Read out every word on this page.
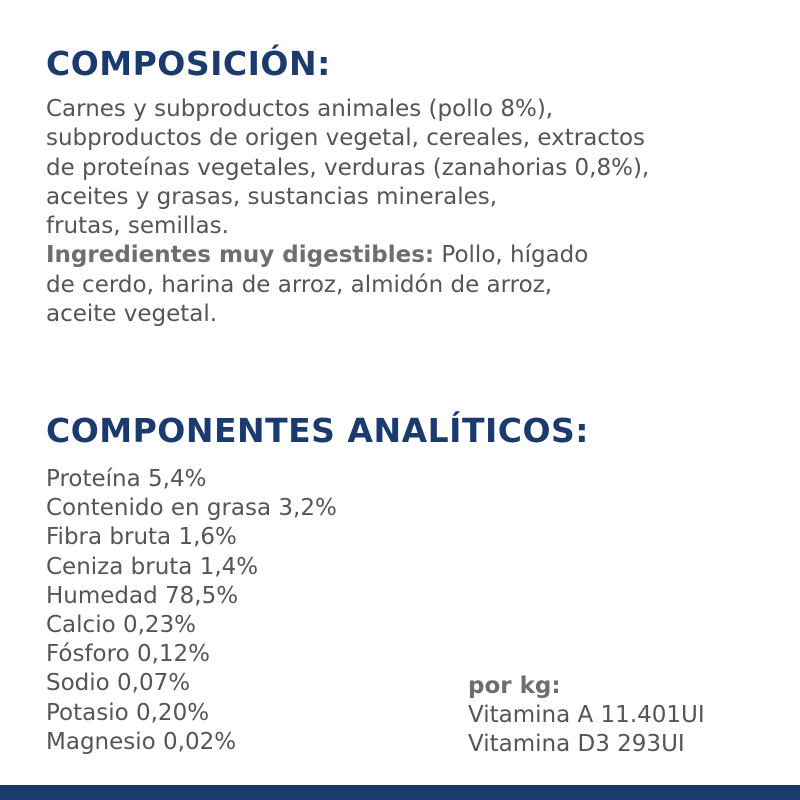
COMPOSICIÓN:
Carnes y subproductos animales (pollo 8%),
subproductos de origen vegetal, cereales, extractos
de proteínas vegetales, verduras (zanahorias 0,8%),
aceites y grasas, sustancias minerales,
frutas, semillas.
Ingredientes muy digestibles: Pollo, hígado
de cerdo, harina de arroz, almidón de arroz,
aceite vegetal.
COMPONENTES ANALÍTICOS:
Proteína 5,4%
Contenido en grasa 3,2%
Fibra bruta 1,6%
Ceniza bruta 1,4%
Humedad 78,5%
Calcio 0,23%
Fósforo 0,12%
Sodio 0,07%
Potasio 0,20%
Magnesio 0,02%
por kg:
Vitamina A 11.401UI
Vitamina D3 293UI
